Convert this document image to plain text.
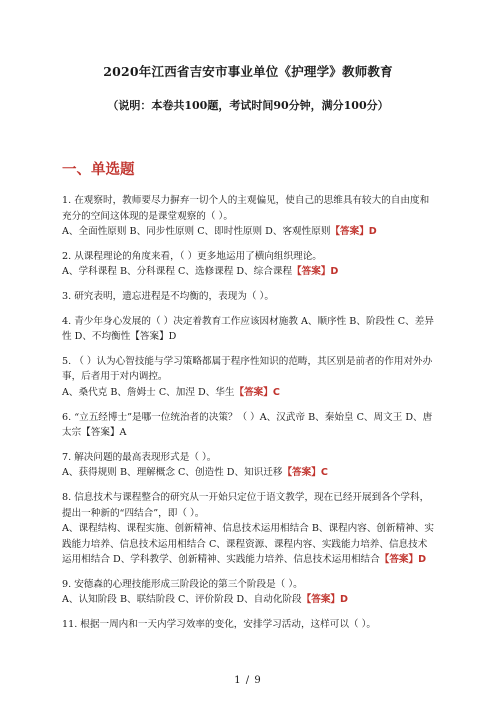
2020年江西省吉安市事业单位《护理学》教师教育
（说明：本卷共100题，考试时间90分钟，满分100分）
一、单选题

1. 在观察时，教师要尽力摒弃一切个人的主观偏见，使自己的思维具有较大的自由度和充分的空间这体现的是课堂观察的（ ）。

A、全面性原则 B、同步性原则 C、即时性原则 D、客观性原则【答案】D

2. 从课程理论的角度来看，（ ）更多地运用了横向组织理论。

A、学科课程 B、分科课程 C、选修课程 D、综合课程【答案】D

3. 研究表明，遗忘进程是不均衡的，表现为（ ）。

4. 青少年身心发展的（ ）决定着教育工作应该因材施教 A、顺序性 B、阶段性 C、差异性 D、不均衡性【答案】D

5. （ ）认为心智技能与学习策略都属于程序性知识的范畴，其区别是前者的作用对外办事，后者用于对内调控。

A、桑代克 B、詹姆士 C、加涅 D、华生【答案】C

6. “立五经博士”是哪一位统治者的决策？（ ）A、汉武帝 B、秦始皇 C、周文王 D、唐太宗【答案】A

7. 解决问题的最高表现形式是（ ）。

A、获得规则 B、理解概念 C、创造性 D、知识迁移【答案】C

8. 信息技术与课程整合的研究从一开始只定位于语文教学，现在已经开展到各个学科，提出一种新的“四结合”，即（ ）。

A、课程结构、课程实施、创新精神、信息技术运用相结合 B、课程内容、创新精神、实践能力培养、信息技术运用相结合 C、课程资源、课程内容、实践能力培养、信息技术运用相结合 D、学科教学、创新精神、实践能力培养、信息技术运用相结合【答案】D

9. 安德森的心理技能形成三阶段论的第三个阶段是（ ）。

A、认知阶段 B、联结阶段 C、评价阶段 D、自动化阶段【答案】D

11. 根据一周内和一天内学习效率的变化，安排学习活动，这样可以（ ）。

1 / 9
